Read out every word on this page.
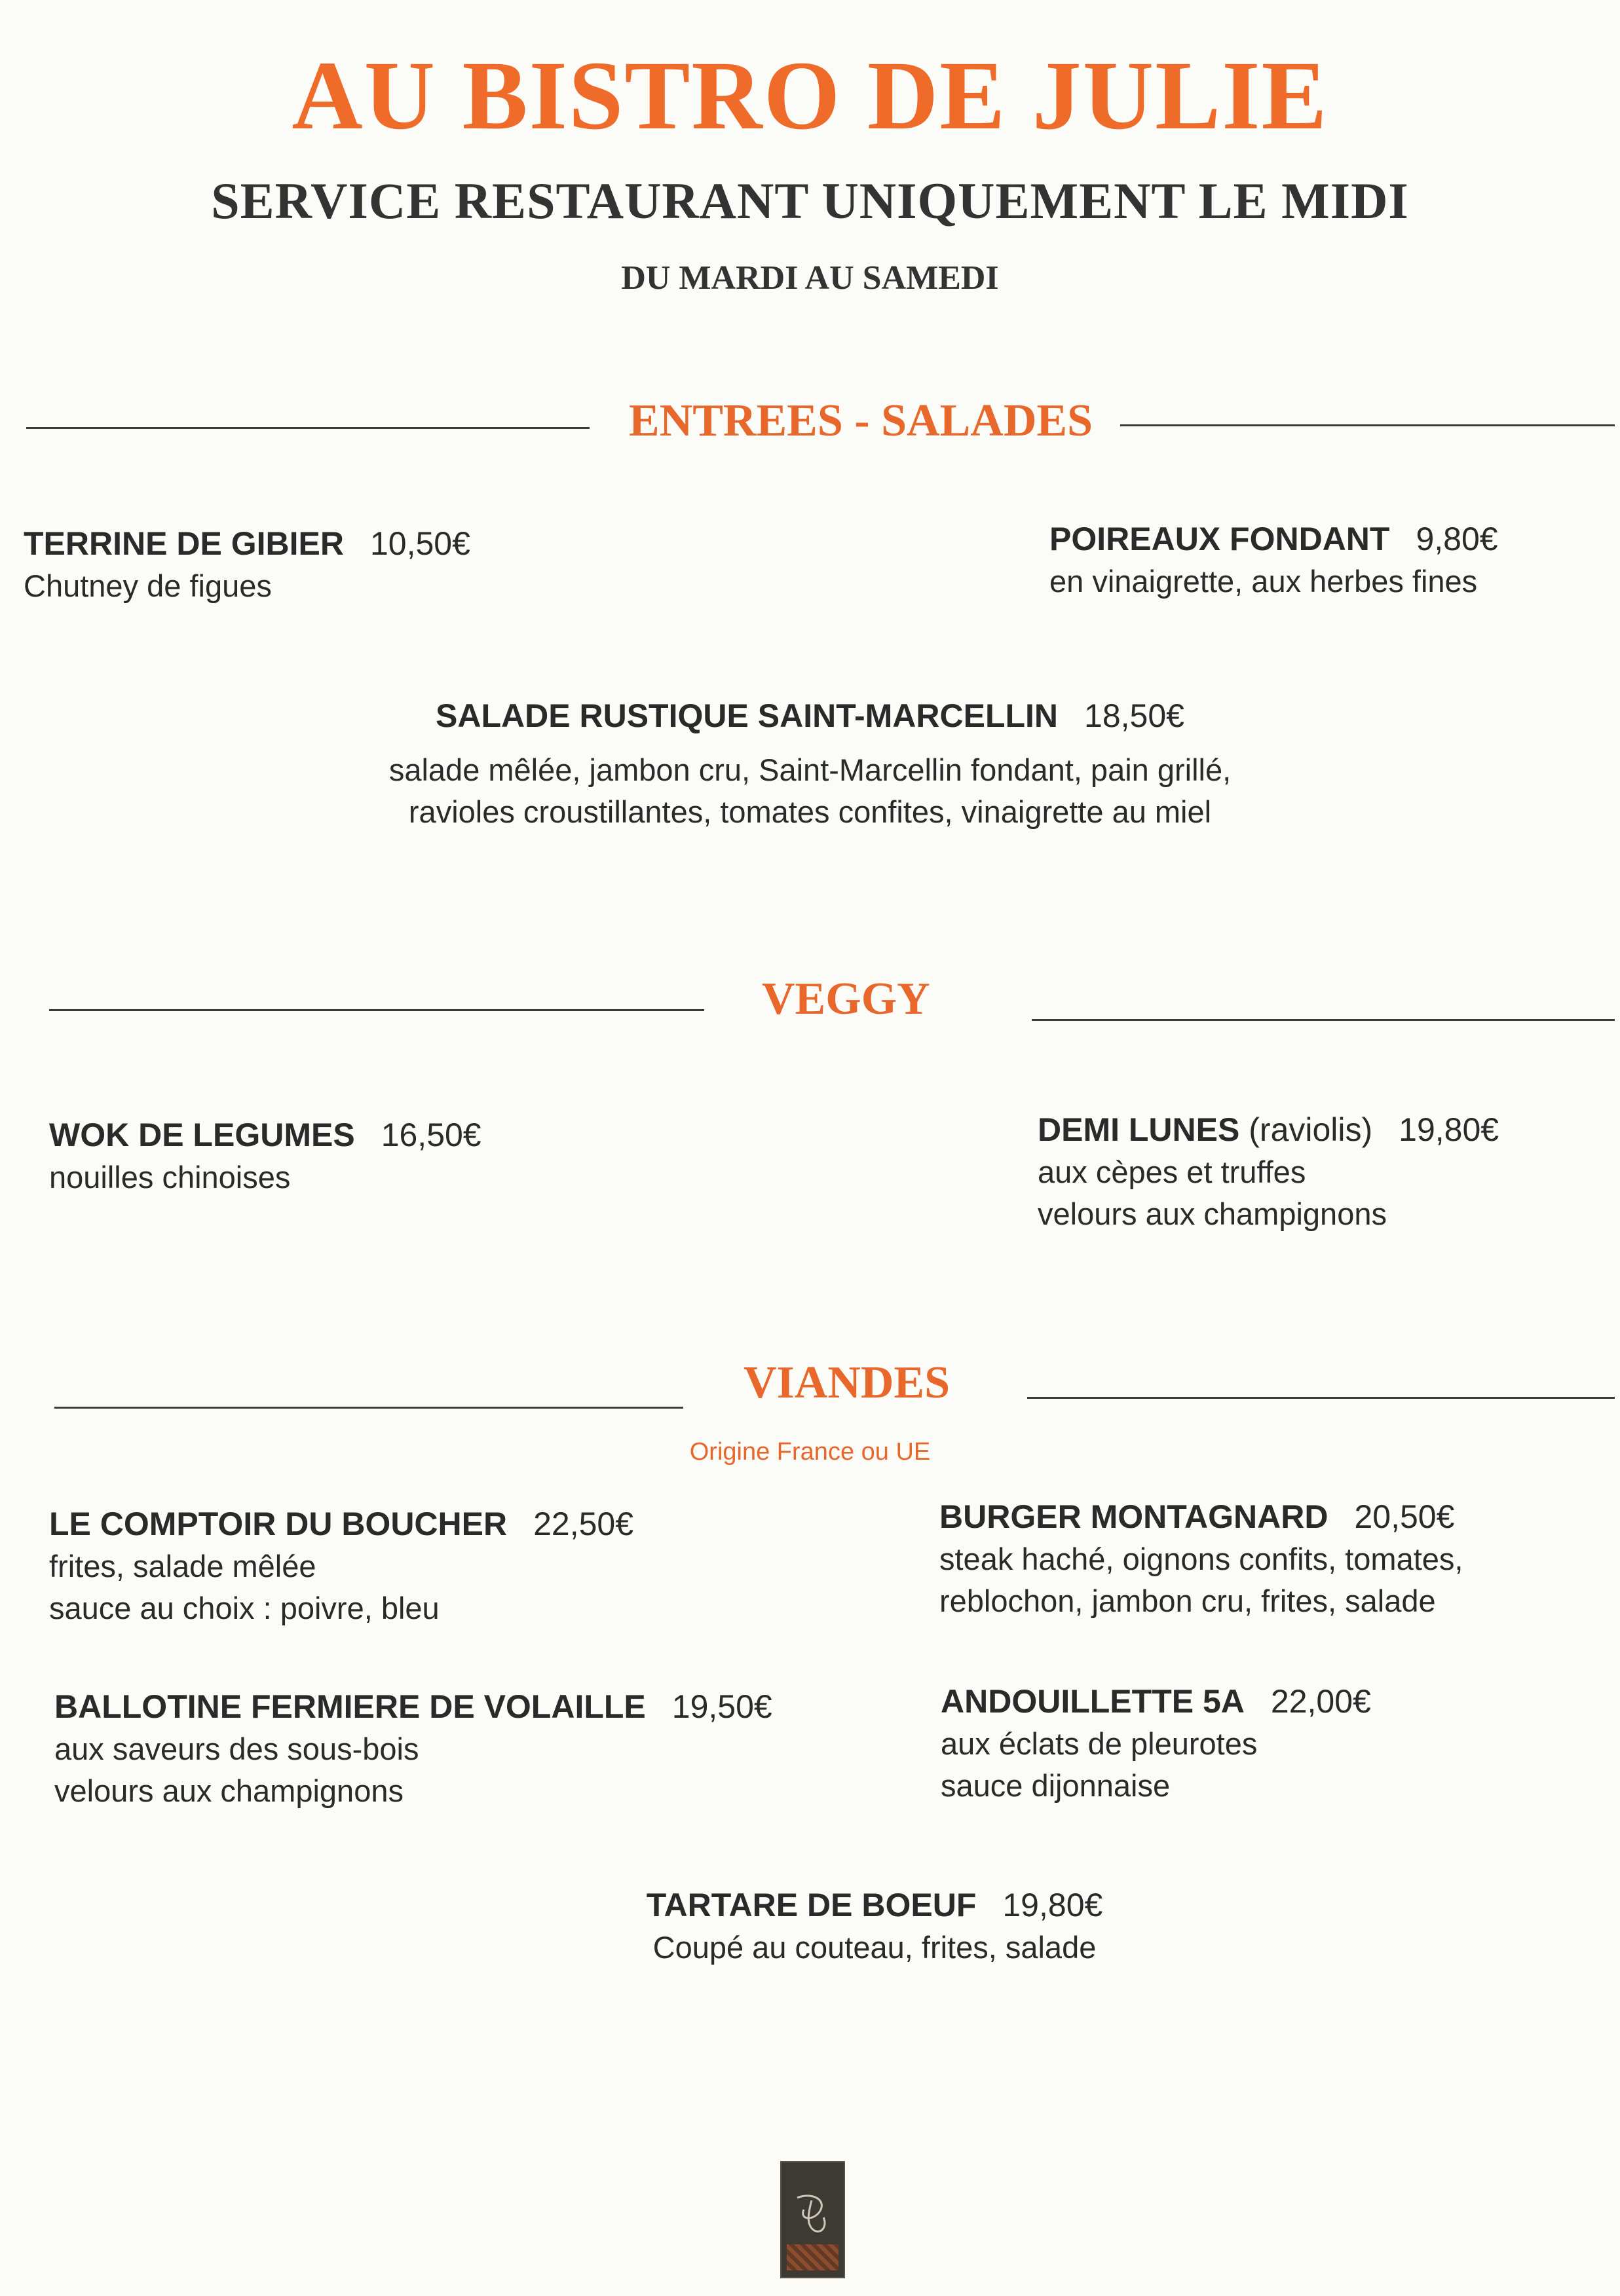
AU BISTRO DE JULIE
SERVICE RESTAURANT UNIQUEMENT LE MIDI
DU MARDI AU SAMEDI
ENTREES - SALADES
TERRINE DE GIBIER 10,50€
Chutney de figues
POIREAUX FONDANT 9,80€
en vinaigrette, aux herbes fines
SALADE RUSTIQUE SAINT-MARCELLIN 18,50€
salade mêlée, jambon cru, Saint-Marcellin fondant, pain grillé,
ravioles croustillantes, tomates confites, vinaigrette au miel
VEGGY
WOK DE LEGUMES 16,50€
nouilles chinoises
DEMI LUNES (raviolis) 19,80€
aux cèpes et truffes
velours aux champignons
VIANDES
Origine France ou UE
LE COMPTOIR DU BOUCHER 22,50€
frites, salade mêlée
sauce au choix : poivre, bleu
BURGER MONTAGNARD 20,50€
steak haché, oignons confits, tomates,
reblochon, jambon cru, frites, salade
BALLOTINE FERMIERE DE VOLAILLE 19,50€
aux saveurs des sous-bois
velours aux champignons
ANDOUILLETTE 5A 22,00€
aux éclats de pleurotes
sauce dijonnaise
TARTARE DE BOEUF 19,80€
Coupé au couteau, frites, salade
